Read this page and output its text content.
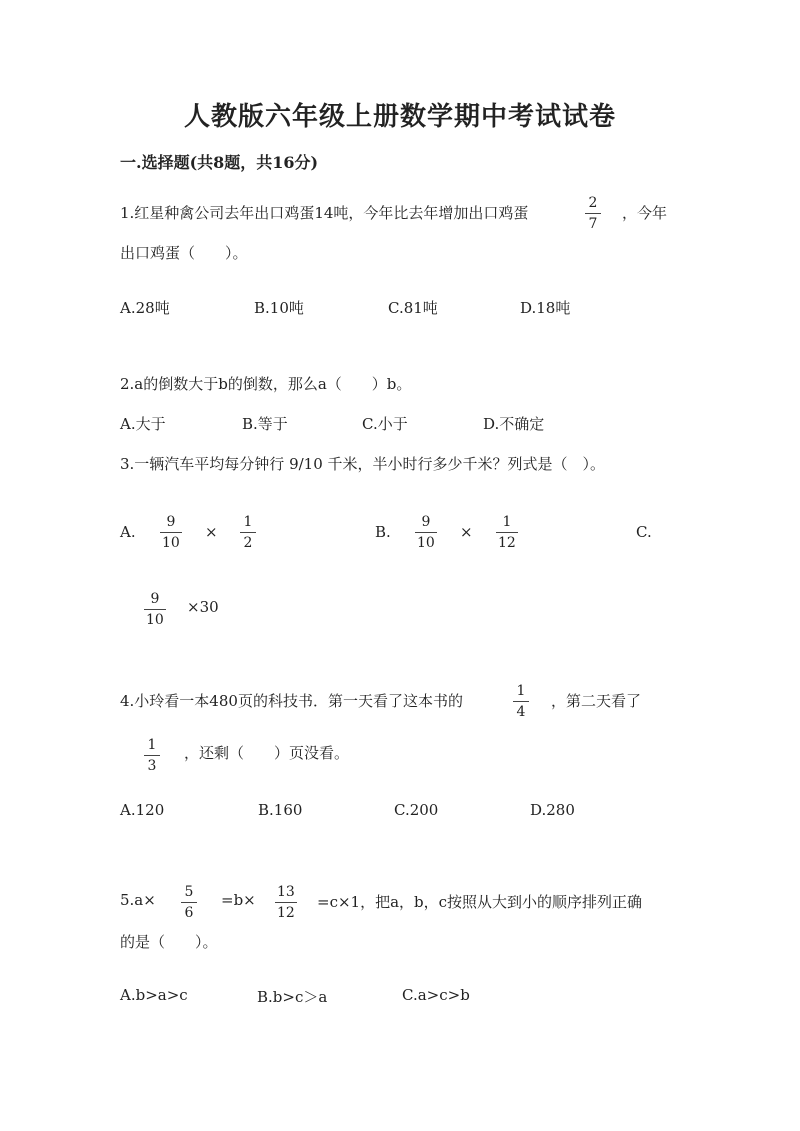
人教版六年级上册数学期中考试试卷
一.选择题(共8题，共16分)
1.红星种禽公司去年出口鸡蛋14吨，今年比去年增加出口鸡蛋
2
7
，今年
出口鸡蛋（　　）。
A.28吨	B.10吨	C.81吨	D.18吨
2.a的倒数大于b的倒数，那么a（　　）b。
A.大于	B.等于	C.小于	D.不确定
3.一辆汽车平均每分钟行 9/10 千米，半小时行多少千米？列式是（　）。
A.
9
10
×
1
2
B.
9
10
×
1
12
C.
9
10
×30
4.小玲看一本480页的科技书．第一天看了这本书的
1
4
，第二天看了
1
3
，还剩（　　）页没看。
A.120	B.160	C.200	D.280
5.a× 5
6
=b× 13
12
=c×1，把a，b，c按照从大到小的顺序排列正确
的是（　　）。
A.b>a>c	B.b>c＞a	C.a>c>b
